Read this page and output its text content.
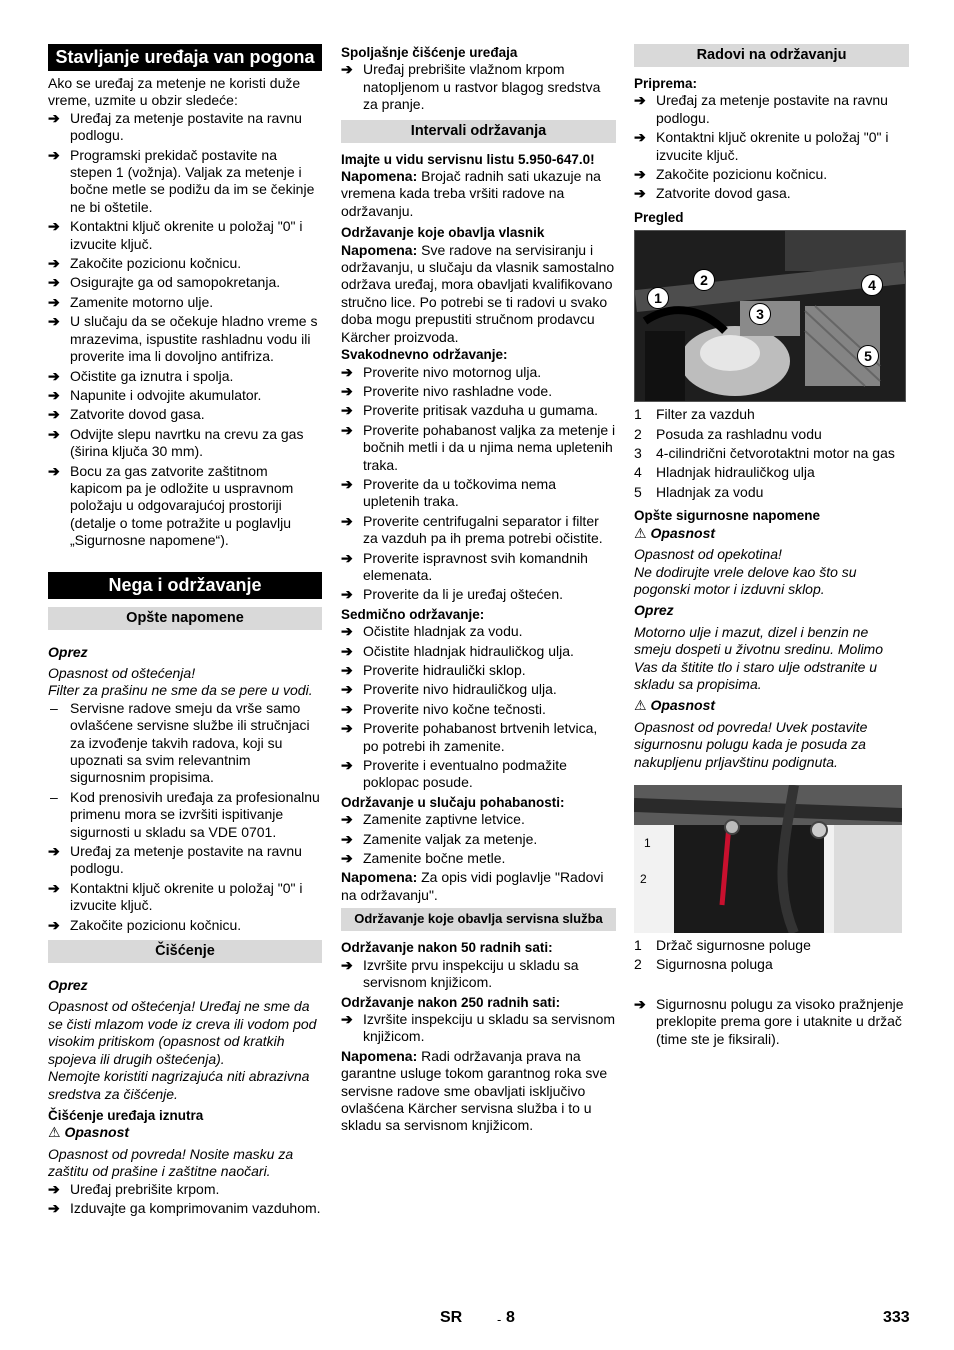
Stavljanje uređaja van pogona

Ako se uređaj za metenje ne koristi duže vreme, uzmite u obzir sledeće:

➔ Uređaj za metenje postavite na ravnu podlogu.
➔ Programski prekidač postavite na stepen 1 (vožnja). Valjak za metenje i bočne metle se podižu da im se čekinje ne bi oštetile.
➔ Kontaktni ključ okrenite u položaj "0" i izvucite ključ.
➔ Zakočite pozicionu kočnicu.
➔ Osigurajte ga od samopokretanja.
➔ Zamenite motorno ulje.
➔ U slučaju da se očekuje hladno vreme s mrazevima, ispustite rashladnu vodu ili proverite ima li dovoljno antifriza.
➔ Očistite ga iznutra i spolja.
➔ Napunite i odvojite akumulator.
➔ Zatvorite dovod gasa.
➔ Odvijte slepu navrtku na crevu za gas (širina ključa 30 mm).
➔ Bocu za gas zatvorite zaštitnom kapicom pa je odložite u uspravnom položaju u odgovarajućoj prostoriji (detalje o tome potražite u poglavlju „Sigurnosne napomene“).
Nega i održavanje
Opšte napomene

Oprez

Opasnost od oštećenja!
Filter za prašinu ne sme da se pere u vodi.

– Servisne radove smeju da vrše samo ovlašćene servisne službe ili stručnjaci za izvođenje takvih radova, koji su upoznati sa svim relevantnim sigurnosnim propisima.
– Kod prenosivih uređaja za profesionalnu primenu mora se izvršiti ispitivanje sigurnosti u skladu sa VDE 0701.
➔ Uređaj za metenje postavite na ravnu podlogu.
➔ Kontaktni ključ okrenite u položaj "0" i izvucite ključ.
➔ Zakočite pozicionu kočnicu.
Čišćenje

Oprez

Opasnost od oštećenja! Uređaj ne sme da se čisti mlazom vode iz creva ili vodom pod visokim pritiskom (opasnost od kratkih spojeva ili drugih oštećenja).
Nemojte koristiti nagrizajuća niti abrazivna sredstva za čišćenje.

Čišćenje uređaja iznutra

⚠ Opasnost

Opasnost od povreda! Nosite masku za zaštitu od prašine i zaštitne naočari.

➔ Uređaj prebrišite krpom.
➔ Izduvajte ga komprimovanim vazduhom.

Spoljašnje čišćenje uređaja

➔ Uređaj prebrišite vlažnom krpom natopljenom u rastvor blagog sredstva za pranje.
Intervali održavanja

Imajte u vidu servisnu listu 5.950-647.0!

Napomena: Brojač radnih sati ukazuje na vremena kada treba vršiti radove na održavanju.

Održavanje koje obavlja vlasnik

Napomena: Sve radove na servisiranju i održavanju, u slučaju da vlasnik samostalno održava uređaj, mora obavljati kvalifikovano stručno lice. Po potrebi se ti radovi u svako doba mogu prepustiti stručnom prodavcu Kärcher proizvoda.

Svakodnevno održavanje:

➔ Proverite nivo motornog ulja.
➔ Proverite nivo rashladne vode.
➔ Proverite pritisak vazduha u gumama.
➔ Proverite pohabanost valjka za metenje i bočnih metli i da u njima nema upletenih traka.
➔ Proverite da u točkovima nema upletenih traka.
➔ Proverite centrifugalni separator i filter za vazduh pa ih prema potrebi očistite.
➔ Proverite ispravnost svih komandnih elemenata.
➔ Proverite da li je uređaj oštećen.

Sedmično održavanje:

➔ Očistite hladnjak za vodu.
➔ Očistite hladnjak hidrauličkog ulja.
➔ Proverite hidraulički sklop.
➔ Proverite nivo hidrauličkog ulja.
➔ Proverite nivo kočne tečnosti.
➔ Proverite pohabanost brtvenih letvica, po potrebi ih zamenite.
➔ Proverite i eventualno podmažite poklopac posude.

Održavanje u slučaju pohabanosti:

➔ Zamenite zaptivne letvice.
➔ Zamenite valjak za metenje.
➔ Zamenite bočne metle.

Napomena: Za opis vidi poglavlje "Radovi na održavanju".

Održavanje koje obavlja servisna služba

Održavanje nakon 50 radnih sati:

➔ Izvršite prvu inspekciju u skladu sa servisnom knjižicom.

Održavanje nakon 250 radnih sati:

➔ Izvršite inspekciju u skladu sa servisnom knjižicom.

Napomena: Radi održavanja prava na garantne usluge tokom garantnog roka sve servisne radove sme obavljati isključivo ovlašćena Kärcher servisna služba i to u skladu sa servisnom knjižicom.

Radovi na održavanju

Priprema:

➔ Uređaj za metenje postavite na ravnu podlogu.
➔ Kontaktni ključ okrenite u položaj "0" i izvucite ključ.
➔ Zakočite pozicionu kočnicu.
➔ Zatvorite dovod gasa.

Pregled

1
2
3
4
5
1 Filter za vazduh
2 Posuda za rashladnu vodu
3 4-cilindrični četvorotaktni motor na gas
4 Hladnjak hidrauličkog ulja
5 Hladnjak za vodu

Opšte sigurnosne napomene

⚠ Opasnost

Opasnost od opekotina!
Ne dodirujte vrele delove kao što su pogonski motor i izduvni sklop.

Oprez

Motorno ulje i mazut, dizel i benzin ne smeju dospeti u životnu sredinu. Molimo Vas da štitite tlo i staro ulje odstranite u skladu sa propisima.

⚠ Opasnost

Opasnost od povreda! Uvek postavite sigurnosnu polugu kada je posuda za nakupljenu prljavštinu podignuta.

1
2
1 Držač sigurnosne poluge
2 Sigurnosna poluga
➔ Sigurnosnu polugu za visoko pražnjenje preklopite prema gore i utaknite u držač (time ste je fiksirali).
SR	- 8	333
